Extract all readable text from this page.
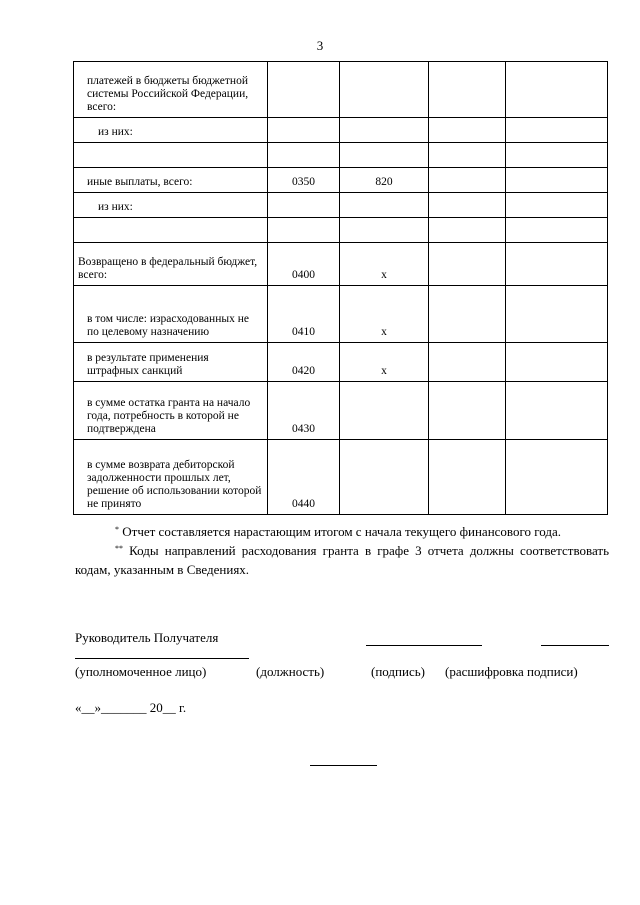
3
платежей в бюджеты бюджетной системы Российской Федерации, всего:				
из них:				

иные выплаты, всего:	0350	820		
из них:				

Возвращено в федеральный бюджет, всего:	0400	x		
в том числе: израсходованных не по целевому назначению	0410	x		
в результате применения штрафных санкций	0420	x		
в сумме остатка гранта на начало года, потребность в которой не подтверждена	0430			
в сумме возврата дебиторской задолженности прошлых лет, решение об использовании которой не принято	0440			

* Отчет составляется нарастающим итогом с начала текущего финансового года.

** Коды направлений расходования гранта в графе 3 отчета должны соответствовать кодам, указанным в Сведениях.

Руководитель Получателя
(уполномоченное лицо)	(должность)	(подпись) (расшифровка подписи)
«__»_______ 20__ г.
